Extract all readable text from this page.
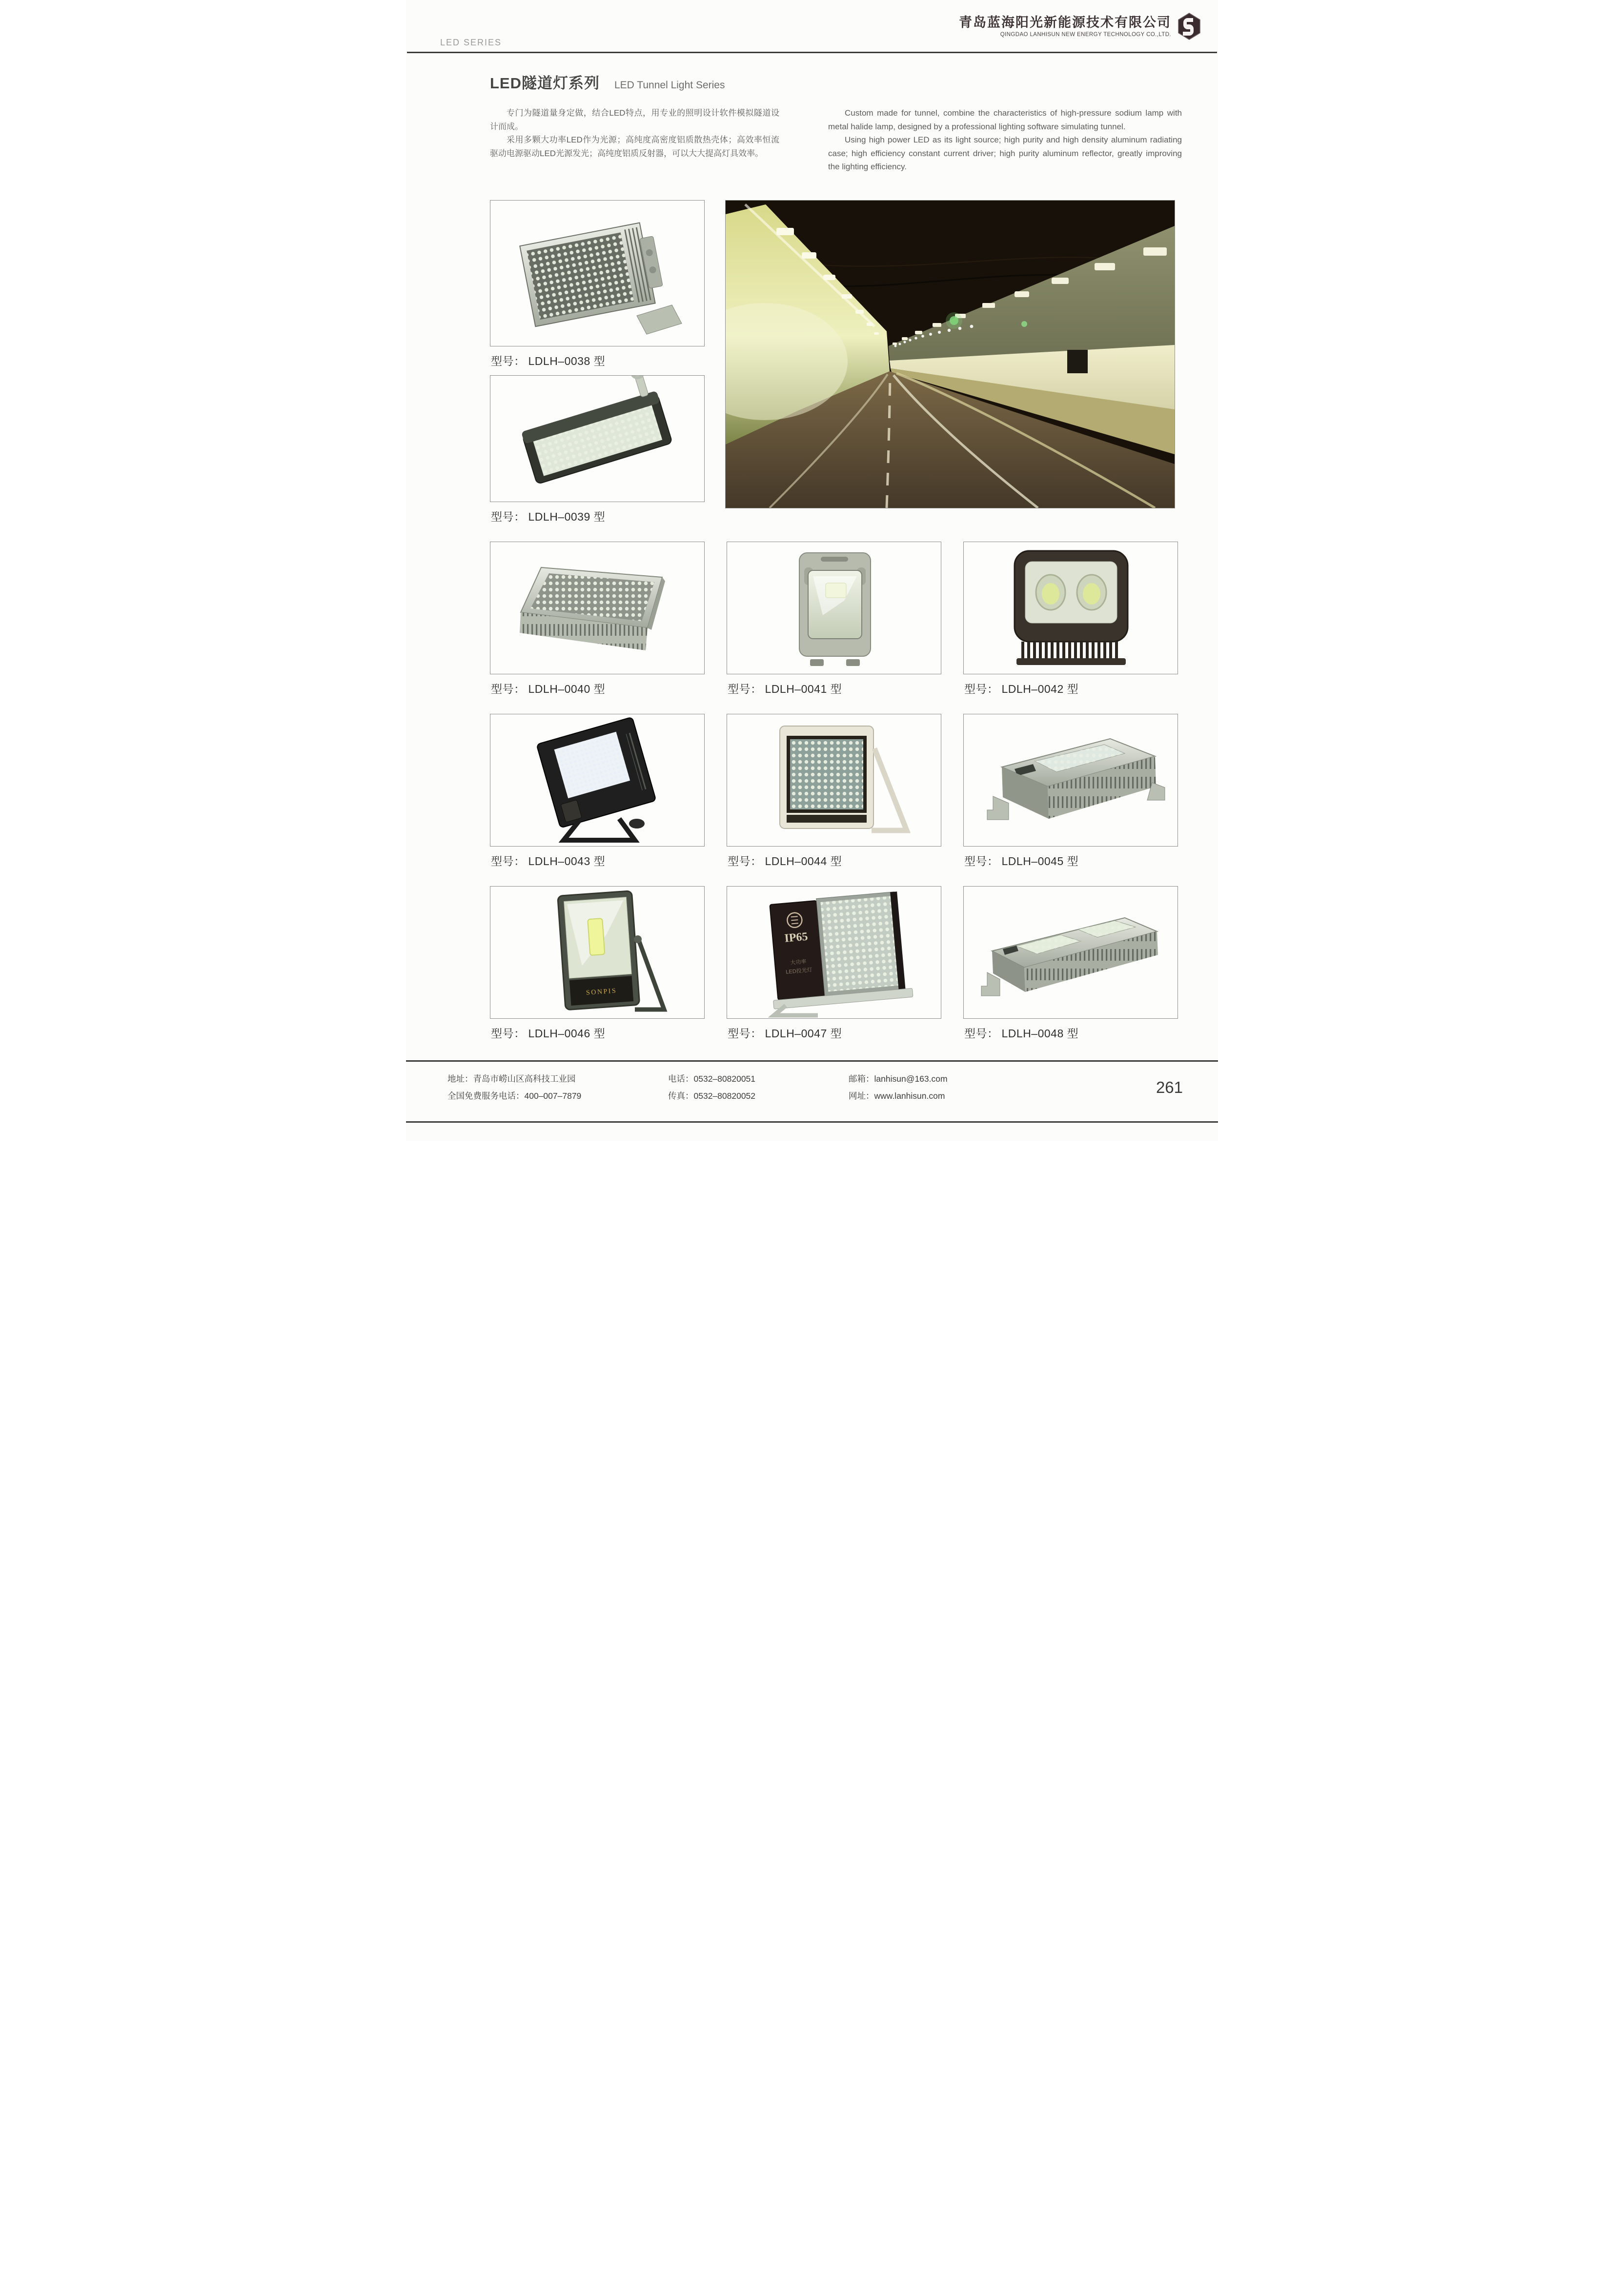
LED SERIES
青岛蓝海阳光新能源技术有限公司
QINGDAO LANHISUN NEW ENERGY TECHNOLOGY CO.,LTD.
LED隧道灯系列 LED Tunnel Light Series

专门为隧道量身定做，结合LED特点，用专业的照明设计软件模拟隧道设计而成。

采用多颗大功率LED作为光源；高纯度高密度铝质散热壳体；高效率恒流驱动电源驱动LED光源发光；高纯度铝质反射器，可以大大提高灯具效率。

Custom made for tunnel, combine the characteristics of high-pressure sodium lamp with metal halide lamp, designed by a professional lighting software simulating tunnel.

Using high power LED as its light source; high purity and high density aluminum radiating case; high efficiency constant current driver; high purity aluminum reflector, greatly improving the lighting efficiency.

型号： LDLH–0038 型
型号： LDLH–0039 型
型号： LDLH–0040 型	型号： LDLH–0041 型	型号： LDLH–0042 型
型号： LDLH–0043 型	型号： LDLH–0044 型	型号： LDLH–0045 型
SONPIS
型号： LDLH–0046 型
IP65
大功率
LED投光灯
型号： LDLH–0047 型	型号： LDLH–0048 型
地址：青岛市崂山区高科技工业园
全国免费服务电话：400–007–7879
电话：0532–80820051
传真：0532–80820052
邮箱：lanhisun@163.com
网址：www.lanhisun.com	261
